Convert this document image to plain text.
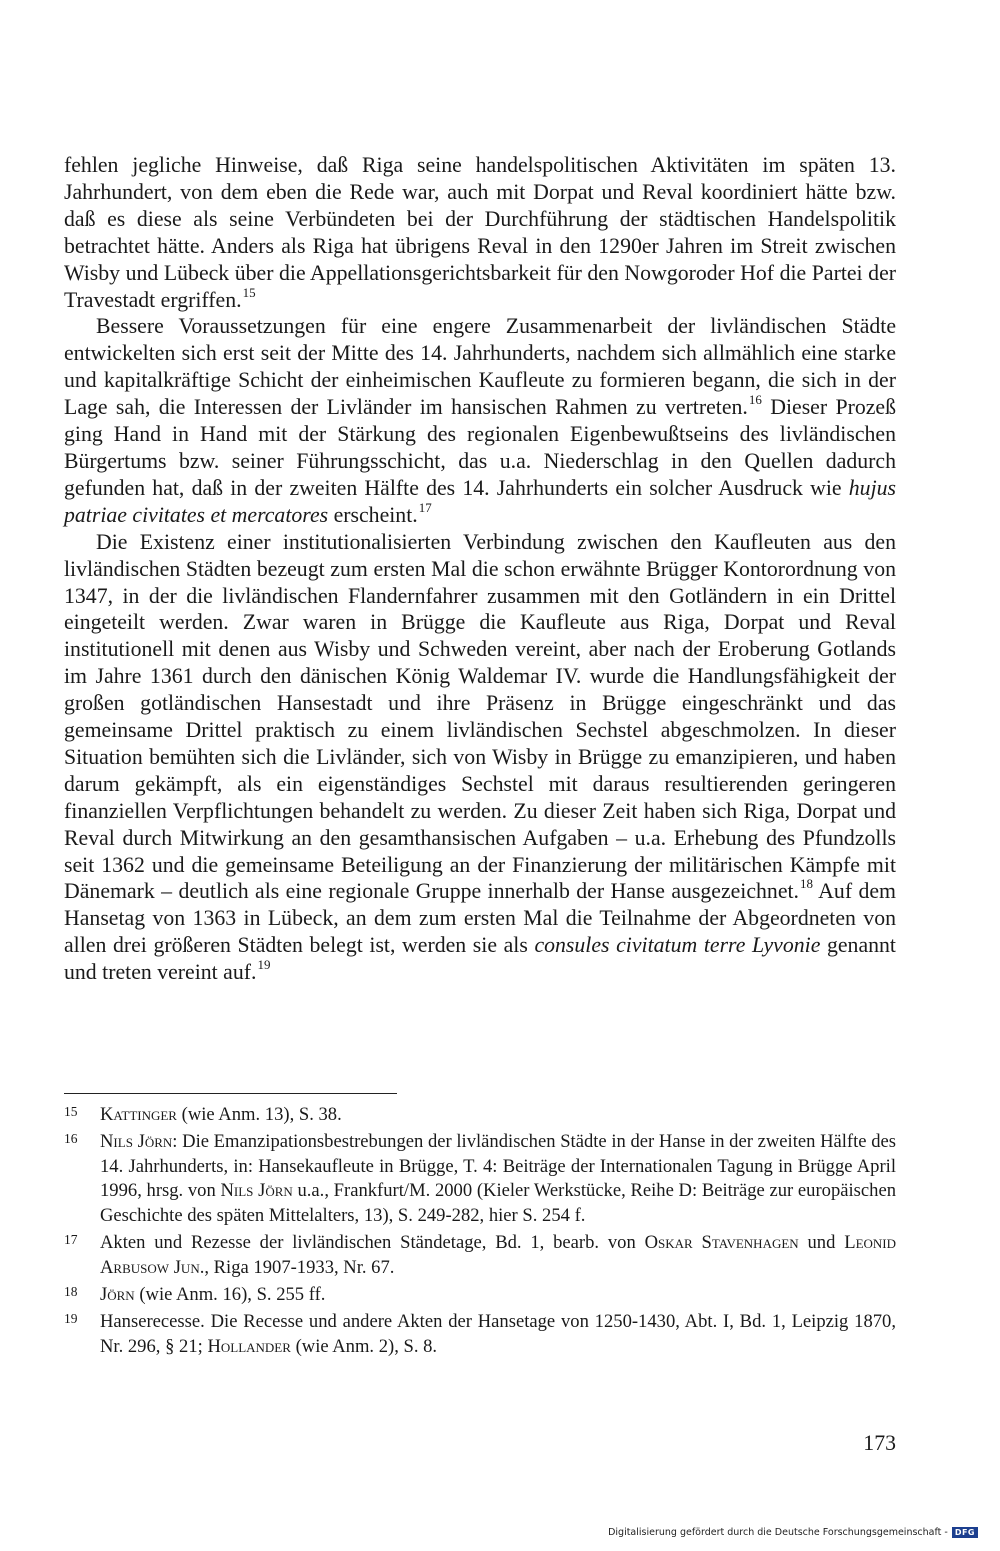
fehlen jegliche Hinweise, daß Riga seine handelspolitischen Aktivitäten im späten 13. Jahrhundert, von dem eben die Rede war, auch mit Dorpat und Reval koordiniert hätte bzw. daß es diese als seine Verbündeten bei der Durchführung der städtischen Handelspolitik betrachtet hätte. Anders als Riga hat übrigens Reval in den 1290er Jahren im Streit zwischen Wisby und Lübeck über die Appellationsgerichtsbarkeit für den Nowgoroder Hof die Partei der Travestadt ergriffen.$^{15}$

Bessere Voraussetzungen für eine engere Zusammenarbeit der livländischen Städte entwickelten sich erst seit der Mitte des 14. Jahrhunderts, nachdem sich allmählich eine starke und kapitalkräftige Schicht der einheimischen Kaufleute zu formieren begann, die sich in der Lage sah, die Interessen der Livländer im hansischen Rahmen zu vertreten.$^{16}$ Dieser Prozeß ging Hand in Hand mit der Stärkung des regionalen Eigenbewußtseins des livländischen Bürgertums bzw. seiner Führungsschicht, das u.a. Niederschlag in den Quellen dadurch gefunden hat, daß in der zweiten Hälfte des 14. Jahrhunderts ein solcher Ausdruck wie hujus patriae civitates et mercatores erscheint.$^{17}$

Die Existenz einer institutionalisierten Verbindung zwischen den Kaufleuten aus den livländischen Städten bezeugt zum ersten Mal die schon erwähnte Brügger Kontorordnung von 1347, in der die livländischen Flandernfahrer zusammen mit den Gotländern in ein Drittel eingeteilt werden. Zwar waren in Brügge die Kaufleute aus Riga, Dorpat und Reval institutionell mit denen aus Wisby und Schweden vereint, aber nach der Eroberung Gotlands im Jahre 1361 durch den dänischen König Waldemar IV. wurde die Handlungsfähigkeit der großen gotländischen Hansestadt und ihre Präsenz in Brügge eingeschränkt und das gemeinsame Drittel praktisch zu einem livländischen Sechstel abgeschmolzen. In dieser Situation bemühten sich die Livländer, sich von Wisby in Brügge zu emanzipieren, und haben darum gekämpft, als ein eigenständiges Sechstel mit daraus resultierenden geringeren finanziellen Verpflichtungen behandelt zu werden. Zu dieser Zeit haben sich Riga, Dorpat und Reval durch Mitwirkung an den gesamthansischen Aufgaben – u.a. Erhebung des Pfundzolls seit 1362 und die gemeinsame Beteiligung an der Finanzierung der militärischen Kämpfe mit Dänemark – deutlich als eine regionale Gruppe innerhalb der Hanse ausgezeichnet.$^{18}$ Auf dem Hansetag von 1363 in Lübeck, an dem zum ersten Mal die Teilnahme der Abgeordneten von allen drei größeren Städten belegt ist, werden sie als consules civitatum terre Lyvonie genannt und treten vereint auf.$^{19}$

15	Kattinger (wie Anm. 13), S. 38.
16	Nils Jörn: Die Emanzipationsbestrebungen der livländischen Städte in der Hanse in der zweiten Hälfte des 14. Jahrhunderts, in: Hansekaufleute in Brügge, T. 4: Beiträge der Internationalen Tagung in Brügge April 1996, hrsg. von Nils Jörn u.a., Frankfurt/M. 2000 (Kieler Werkstücke, Reihe D: Beiträge zur europäischen Geschichte des späten Mittelalters, 13), S. 249-282, hier S. 254 f.
17	Akten und Rezesse der livländischen Ständetage, Bd. 1, bearb. von Oskar Stavenhagen und Leonid Arbusow Jun., Riga 1907-1933, Nr. 67.
18	Jörn (wie Anm. 16), S. 255 ff.
19	Hanserecesse. Die Recesse und andere Akten der Hansetage von 1250-1430, Abt. I, Bd. 1, Leipzig 1870, Nr. 296, § 21; Hollander (wie Anm. 2), S. 8.
173
Digitalisierung gefördert durch die Deutsche Forschungsgemeinschaft - DFG
